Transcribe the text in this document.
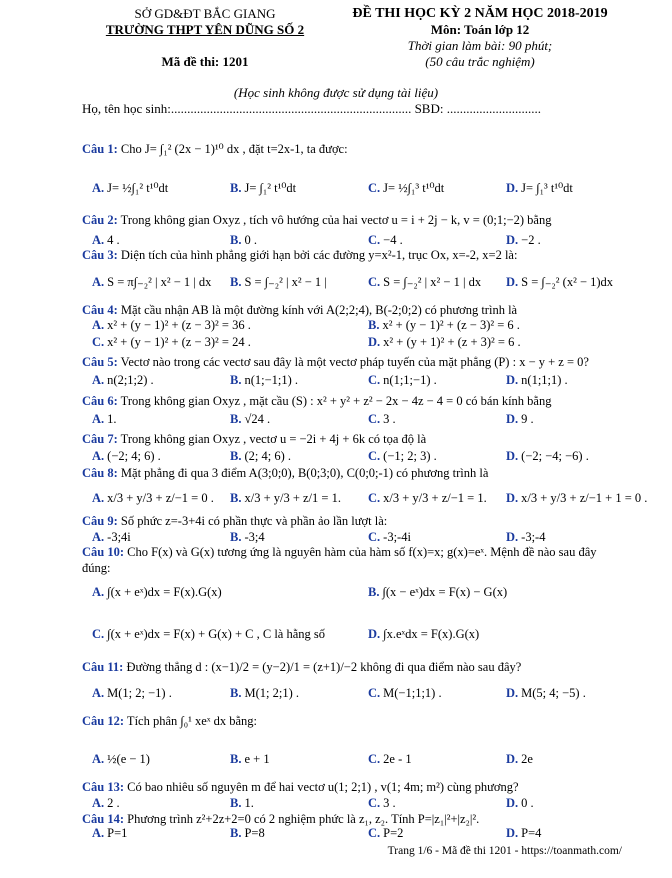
SỞ GD&ĐT BẮC GIANG
TRƯỜNG THPT YÊN DŨNG SỐ 2
Mã đề thi: 1201
ĐỀ THI HỌC KỲ 2 NĂM HỌC 2018-2019
Môn: Toán lớp 12
Thời gian làm bài: 90 phút;
(50 câu trắc nghiệm)
(Học sinh không được sử dụng tài liệu)
Họ, tên học sinh:.......................................................................... SBD: .............................
Câu 1: Cho J= ∫₁² (2x − 1)¹⁰ dx , đặt t=2x-1, ta được:
A. J= ½∫₁² t¹⁰dt	B. J= ∫₁² t¹⁰dt	C. J= ½∫₁³ t¹⁰dt	D. J= ∫₁³ t¹⁰dt
Câu 2: Trong không gian Oxyz , tích vô hướng của hai vectơ u = i + 2j − k, v = (0;1;−2) bằng
A. 4 .	B. 0 .	C. −4 .	D. −2 .
Câu 3: Diện tích của hình phẳng giới hạn bởi các đường y=x²-1, trục Ox, x=-2, x=2 là:
A. S = π∫₋₂² | x² − 1 | dx B. S = ∫₋₂² | x² − 1 |	C. S = ∫₋₂² | x² − 1 | dx D. S = ∫₋₂² (x² − 1)dx
Câu 4: Mặt cầu nhận AB là một đường kính với A(2;2;4), B(-2;0;2) có phương trình là
A. x² + (y − 1)² + (z − 3)² = 36 .	B. x² + (y − 1)² + (z − 3)² = 6 .
C. x² + (y − 1)² + (z − 3)² = 24 .	D. x² + (y + 1)² + (z + 3)² = 6 .
Câu 5: Vectơ nào trong các vectơ sau đây là một vectơ pháp tuyến của mặt phẳng (P) : x − y + z = 0?
A. n(2;1;2) .	B. n(1;−1;1) .	C. n(1;1;−1) .	D. n(1;1;1) .
Câu 6: Trong không gian Oxyz , mặt cầu (S) : x² + y² + z² − 2x − 4z − 4 = 0 có bán kính bằng
A. 1.	B. √24 .	C. 3 .	D. 9 .
Câu 7: Trong không gian Oxyz , vectơ u = −2i + 4j + 6k có tọa độ là
A. (−2; 4; 6) .	B. (2; 4; 6) .	C. (−1; 2; 3) .	D. (−2; −4; −6) .
Câu 8: Mặt phẳng đi qua 3 điểm A(3;0;0), B(0;3;0), C(0;0;-1) có phương trình là
A. x/3 + y/3 + z/−1 = 0 . B. x/3 + y/3 + z/1 = 1. C. x/3 + y/3 + z/−1 = 1. D. x/3 + y/3 + z/−1 + 1 = 0 .
Câu 9: Số phức z=-3+4i có phần thực và phần ảo lần lượt là:
A. -3;4i	B. -3;4	C. -3;-4i	D. -3;-4
Câu 10: Cho F(x) và G(x) tương ứng là nguyên hàm của hàm số f(x)=x; g(x)=eˣ. Mệnh đề nào sau đây
đúng:
A. ∫(x + eˣ)dx = F(x).G(x)	B. ∫(x − eˣ)dx = F(x) − G(x)
C. ∫(x + eˣ)dx = F(x) + G(x) + C , C là hằng số	D. ∫x.eˣdx = F(x).G(x)
Câu 11: Đường thẳng d : (x−1)/2 = (y−2)/1 = (z+1)/−2 không đi qua điểm nào sau đây?
A. M(1; 2; −1) .	B. M(1; 2;1) .	C. M(−1;1;1) .	D. M(5; 4; −5) .
Câu 12: Tích phân ∫₀¹ xeˣ dx bằng:
A. ½(e − 1)	B. e + 1	C. 2e - 1	D. 2e
Câu 13: Có bao nhiêu số nguyên m để hai vectơ u(1; 2;1) , v(1; 4m; m²) cùng phương?
A. 2 .	B. 1.	C. 3 .	D. 0 .
Câu 14: Phương trình z²+2z+2=0 có 2 nghiệm phức là z₁, z₂. Tính P=|z₁|²+|z₂|².
A. P=1	B. P=8	C. P=2	D. P=4
Trang 1/6 - Mã đề thi 1201 - https://toanmath.com/
